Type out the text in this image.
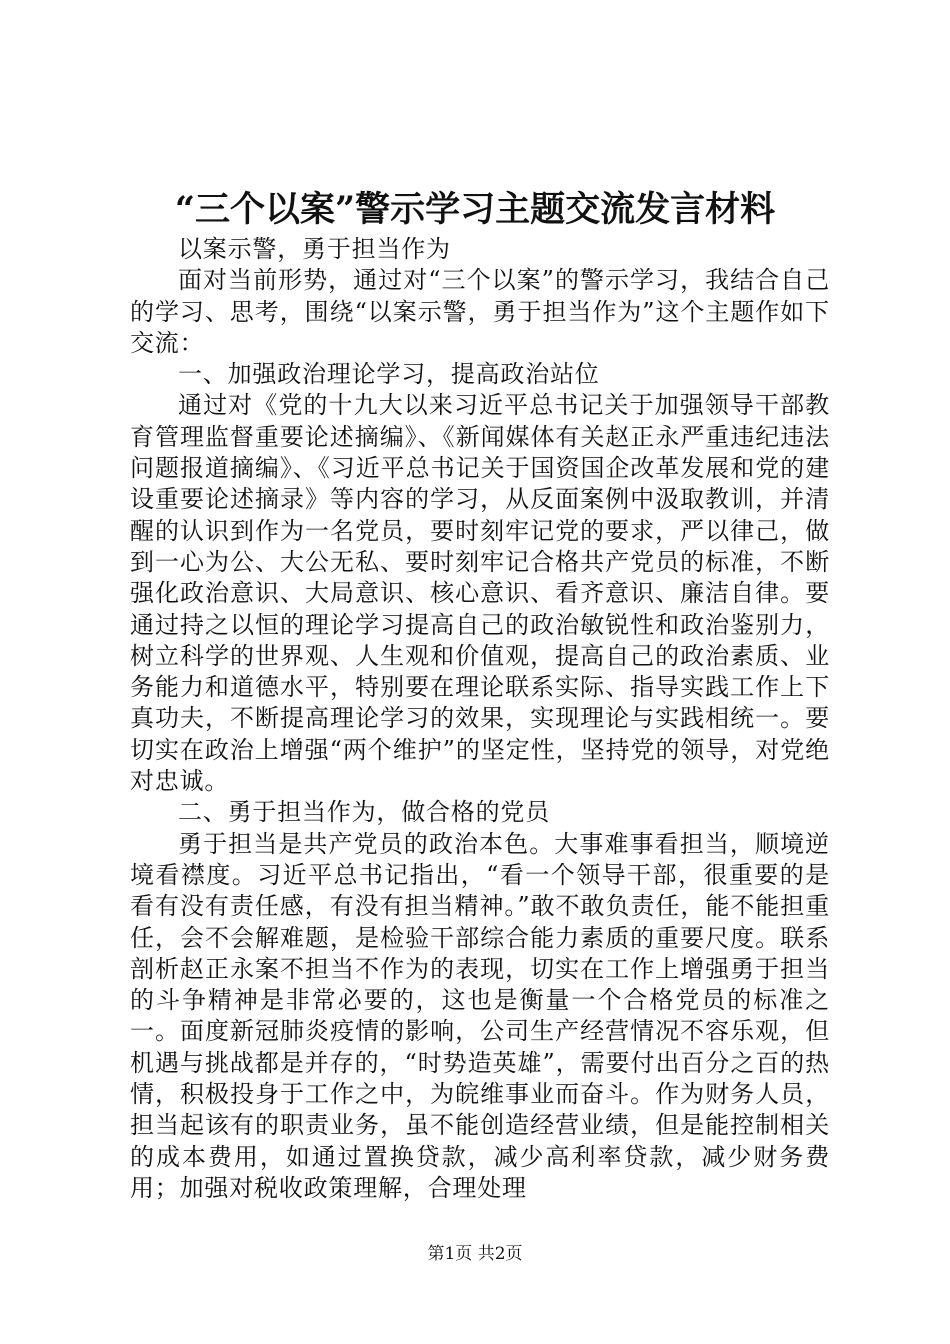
“三个以案”警示学习主题交流发言材料

以案示警，勇于担当作为

面对当前形势，通过对“三个以案”的警示学习，我结合自己的学习、思考，围绕“以案示警，勇于担当作为”这个主题作如下交流：

一、加强政治理论学习，提高政治站位

通过对《党的十九大以来习近平总书记关于加强领导干部教育管理监督重要论述摘编》、《新闻媒体有关赵正永严重违纪违法问题报道摘编》、《习近平总书记关于国资国企改革发展和党的建设重要论述摘录》等内容的学习，从反面案例中汲取教训，并清醒的认识到作为一名党员，要时刻牢记党的要求，严以律己，做到一心为公、大公无私、要时刻牢记合格共产党员的标准，不断强化政治意识、大局意识、核心意识、看齐意识、廉洁自律。要通过持之以恒的理论学习提高自己的政治敏锐性和政治鉴别力，树立科学的世界观、人生观和价值观，提高自己的政治素质、业务能力和道德水平，特别要在理论联系实际、指导实践工作上下真功夫，不断提高理论学习的效果，实现理论与实践相统一。要切实在政治上增强“两个维护”的坚定性，坚持党的领导，对党绝对忠诚。

二、勇于担当作为，做合格的党员

勇于担当是共产党员的政治本色。大事难事看担当，顺境逆境看襟度。习近平总书记指出，“看一个领导干部，很重要的是看有没有责任感，有没有担当精神。”敢不敢负责任，能不能担重任，会不会解难题，是检验干部综合能力素质的重要尺度。联系剖析赵正永案不担当不作为的表现，切实在工作上增强勇于担当的斗争精神是非常必要的，这也是衡量一个合格党员的标准之一。面度新冠肺炎疫情的影响，公司生产经营情况不容乐观，但机遇与挑战都是并存的，“时势造英雄”，需要付出百分之百的热情，积极投身于工作之中，为皖维事业而奋斗。作为财务人员，担当起该有的职责业务，虽不能创造经营业绩，但是能控制相关的成本费用，如通过置换贷款，减少高利率贷款，减少财务费用；加强对税收政策理解，合理处理

第1页 共2页
